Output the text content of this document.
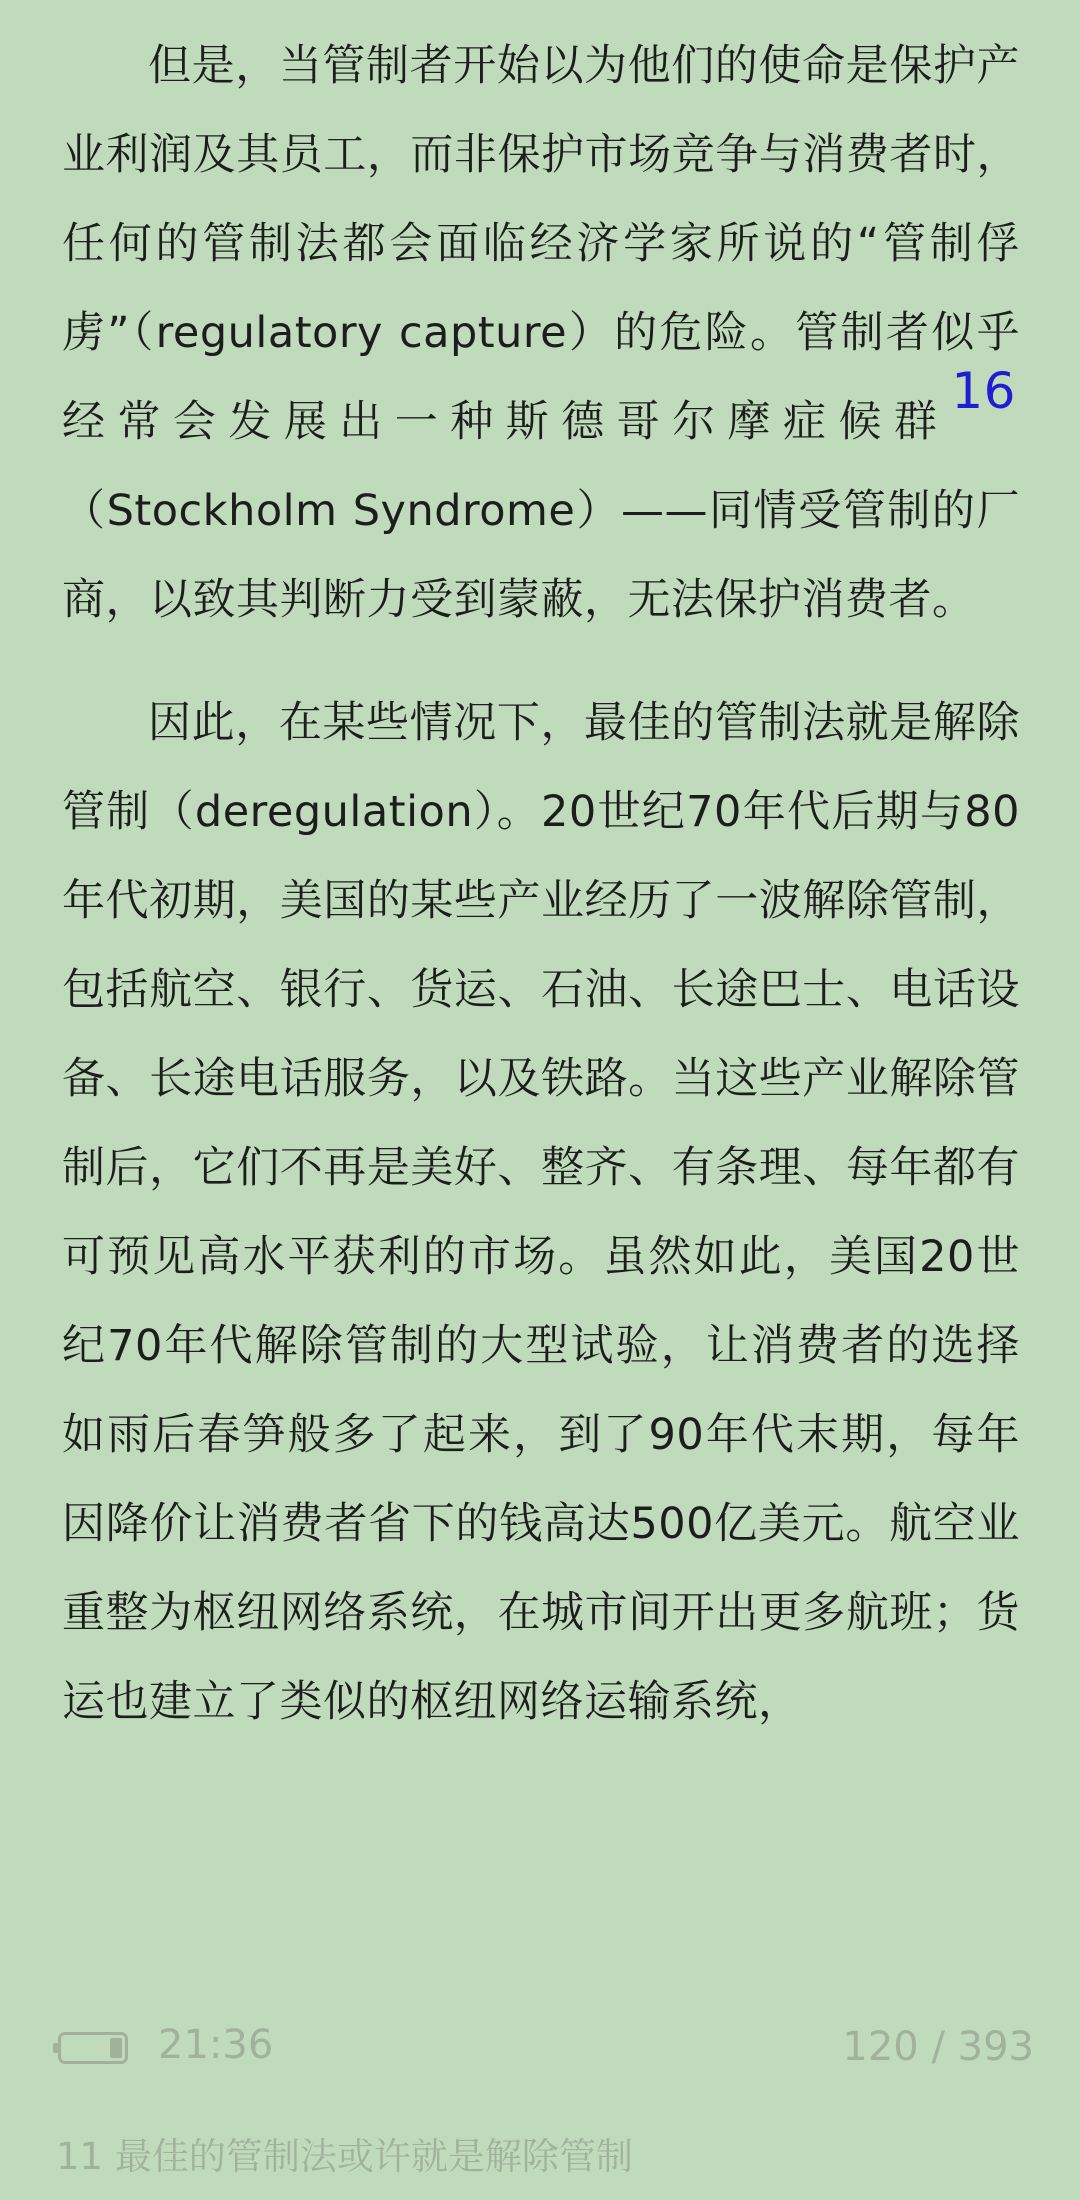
但是，当管制者开始以为他们的使命是保护产业利润及其员工，而非保护市场竞争与消费者时，任何的管制法都会面临经济学家所说的“管制俘虏”（regulatory capture）的危险。管制者似乎经常会发展出一种斯德哥尔摩症候群16（Stockholm Syndrome）——同情受管制的厂商，以致其判断力受到蒙蔽，无法保护消费者。

因此，在某些情况下，最佳的管制法就是解除管制（deregulation）。20世纪70年代后期与80年代初期，美国的某些产业经历了一波解除管制，包括航空、银行、货运、石油、长途巴士、电话设备、长途电话服务，以及铁路。当这些产业解除管制后，它们不再是美好、整齐、有条理、每年都有可预见高水平获利的市场。虽然如此，美国20世纪70年代解除管制的大型试验，让消费者的选择如雨后春笋般多了起来，到了90年代末期，每年因降价让消费者省下的钱高达500亿美元。航空业重整为枢纽网络系统，在城市间开出更多航班；货运也建立了类似的枢纽网络运输系统，

21:36	120 / 393
11 最佳的管制法或许就是解除管制
